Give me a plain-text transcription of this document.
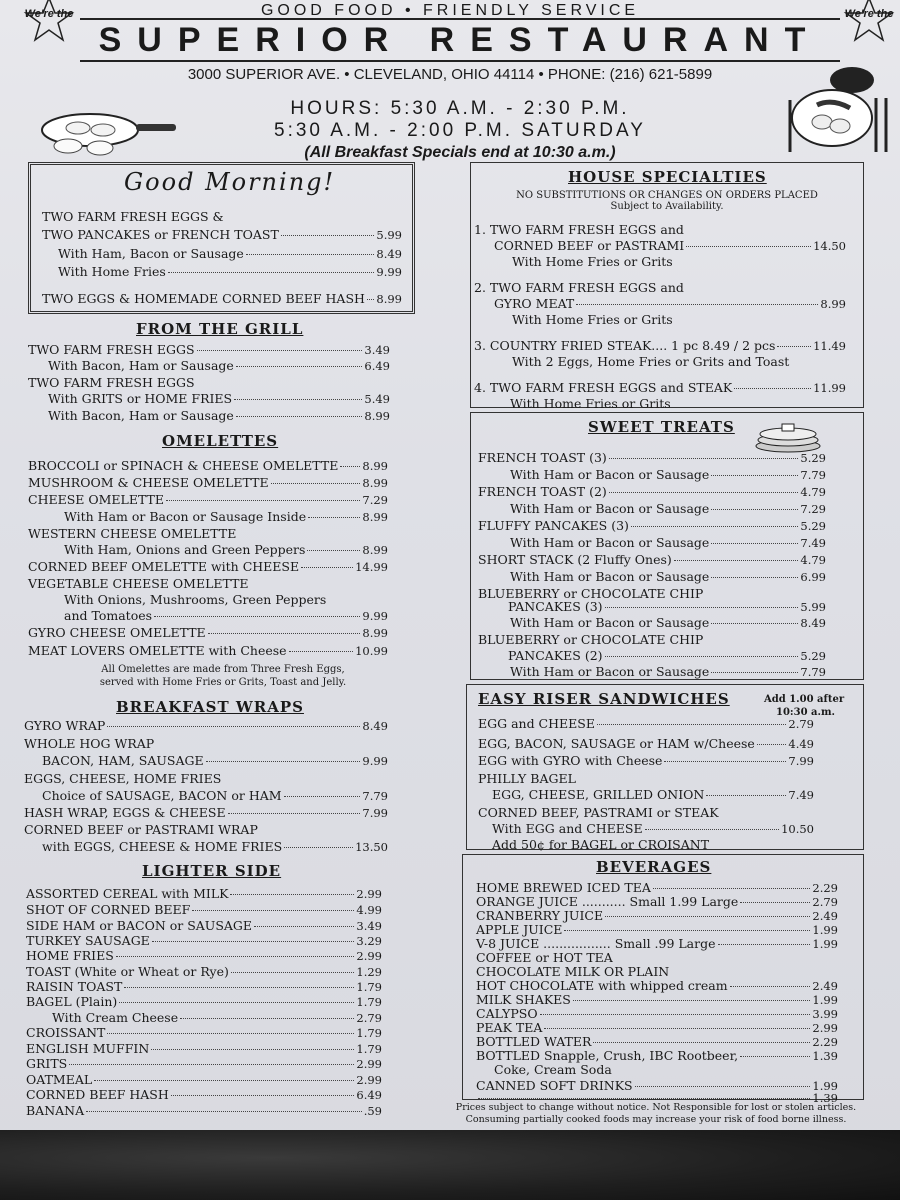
We're the	We're the
GOOD FOOD • FRIENDLY SERVICE
SUPERIOR RESTAURANT
3000 SUPERIOR AVE. • CLEVELAND, OHIO 44114 • PHONE: (216) 621-5899
HOURS: 5:30 A.M. - 2:30 P.M.
5:30 A.M. - 2:00 P.M. SATURDAY
(All Breakfast Specials end at 10:30 a.m.)
Good Morning!
TWO FARM FRESH EGGS &
TWO PANCAKES or FRENCH TOAST	5.99
With Ham, Bacon or Sausage	8.49
With Home Fries	9.99
TWO EGGS & HOMEMADE CORNED BEEF HASH 8.99
FROM THE GRILL
TWO FARM FRESH EGGS	3.49
With Bacon, Ham or Sausage	6.49
TWO FARM FRESH EGGS
With GRITS or HOME FRIES	5.49
With Bacon, Ham or Sausage	8.99
OMELETTES
BROCCOLI or SPINACH & CHEESE OMELETTE 8.99
MUSHROOM & CHEESE OMELETTE	8.99
CHEESE OMELETTE	7.29
With Ham or Bacon or Sausage Inside	8.99
WESTERN CHEESE OMELETTE
With Ham, Onions and Green Peppers	8.99
CORNED BEEF OMELETTE with CHEESE	14.99
VEGETABLE CHEESE OMELETTE
With Onions, Mushrooms, Green Peppers
and Tomatoes	9.99
GYRO CHEESE OMELETTE	8.99
MEAT LOVERS OMELETTE with Cheese	10.99
All Omelettes are made from Three Fresh Eggs,
served with Home Fries or Grits, Toast and Jelly.
BREAKFAST WRAPS
GYRO WRAP	8.49
WHOLE HOG WRAP
BACON, HAM, SAUSAGE	9.99
EGGS, CHEESE, HOME FRIES
Choice of SAUSAGE, BACON or HAM	7.79
HASH WRAP, EGGS & CHEESE	7.99
CORNED BEEF or PASTRAMI WRAP
with EGGS, CHEESE & HOME FRIES	13.50
LIGHTER SIDE
ASSORTED CEREAL with MILK	2.99
SHOT OF CORNED BEEF	4.99
SIDE HAM or BACON or SAUSAGE	3.49
TURKEY SAUSAGE	3.29
HOME FRIES	2.99
TOAST (White or Wheat or Rye)	1.29
RAISIN TOAST	1.79
BAGEL (Plain)	1.79
With Cream Cheese	2.79
CROISSANT	1.79
ENGLISH MUFFIN	1.79
GRITS	2.99
OATMEAL	2.99
CORNED BEEF HASH	6.49
BANANA	.59
HOUSE SPECIALTIES
NO SUBSTITUTIONS OR CHANGES ON ORDERS PLACED
Subject to Availability.
1. TWO FARM FRESH EGGS and
CORNED BEEF or PASTRAMI	14.50
With Home Fries or Grits
2. TWO FARM FRESH EGGS and
GYRO MEAT	8.99
With Home Fries or Grits
3. COUNTRY FRIED STEAK.... 1 pc 8.49 / 2 pcs	11.49
With 2 Eggs, Home Fries or Grits and Toast
4. TWO FARM FRESH EGGS and STEAK	11.99
With Home Fries or Grits
SWEET TREATS
FRENCH TOAST (3)	5.29
With Ham or Bacon or Sausage	7.79
FRENCH TOAST (2)	4.79
With Ham or Bacon or Sausage	7.29
FLUFFY PANCAKES (3)	5.29
With Ham or Bacon or Sausage	7.49
SHORT STACK (2 Fluffy Ones)	4.79
With Ham or Bacon or Sausage	6.99
BLUEBERRY or CHOCOLATE CHIP
PANCAKES (3)	5.99
With Ham or Bacon or Sausage	8.49
BLUEBERRY or CHOCOLATE CHIP
PANCAKES (2)	5.29
With Ham or Bacon or Sausage	7.79
EASY RISER SANDWICHES	Add 1.00 after
10:30 a.m.
EGG and CHEESE	2.79
EGG, BACON, SAUSAGE or HAM w/Cheese	4.49
EGG with GYRO with Cheese	7.99
PHILLY BAGEL
EGG, CHEESE, GRILLED ONION	7.49
CORNED BEEF, PASTRAMI or STEAK
With EGG and CHEESE	10.50
Add 50¢ for BAGEL or CROISANT
BEVERAGES
HOME BREWED ICED TEA	2.29
ORANGE JUICE ........... Small 1.99 Large	2.79
CRANBERRY JUICE	2.49
APPLE JUICE	1.99
V-8 JUICE ................. Small .99 Large	1.99
COFFEE or HOT TEA
CHOCOLATE MILK OR PLAIN
HOT CHOCOLATE with whipped cream	2.49
MILK SHAKES	1.99
CALYPSO	3.99
PEAK TEA	2.99
BOTTLED WATER	2.29
BOTTLED Snapple, Crush, IBC Rootbeer,	1.39
Coke, Cream Soda
CANNED SOFT DRINKS	1.99
1.39
Prices subject to change without notice. Not Responsible for lost or stolen articles.
Consuming partially cooked foods may increase your risk of food borne illness.
